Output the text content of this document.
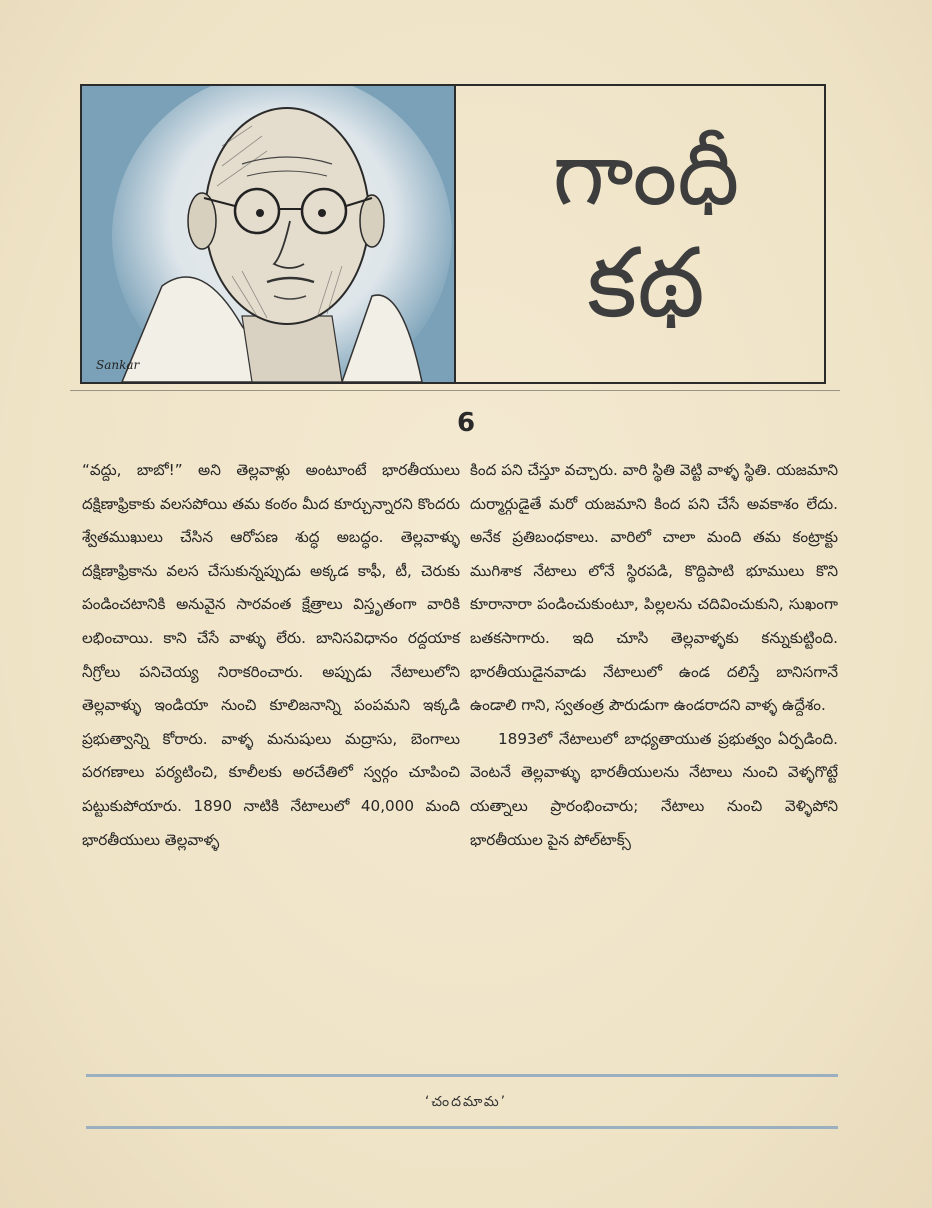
Sankar
గాంధీ
కథ
6

“వద్దు, బాబో!” అని తెల్లవాళ్లు అంటూంటే భారతీయులు దక్షిణాఫ్రికాకు వలసపోయి తమ కంఠం మీద కూర్చున్నారని కొందరు శ్వేతముఖులు చేసిన ఆరోపణ శుద్ధ అబద్ధం. తెల్లవాళ్ళు దక్షిణాఫ్రికాను వలస చేసుకున్నప్పుడు అక్కడ కాఫీ, టీ, చెరుకు పండించటానికి అనువైన సారవంత క్షేత్రాలు విస్తృతంగా వారికి లభించాయి. కాని చేసే వాళ్ళు లేరు. బానిసవిధానం రద్దయాక నీగ్రోలు పనిచెయ్య నిరాకరించారు. అప్పుడు నేటాలులోని తెల్లవాళ్ళు ఇండియా నుంచి కూలిజనాన్ని పంపమని ఇక్కడి ప్రభుత్వాన్ని కోరారు. వాళ్ళ మనుషులు మద్రాసు, బెంగాలు పరగణాలు పర్యటించి, కూలీలకు అరచేతిలో స్వర్గం చూపించి పట్టుకుపోయారు. 1890 నాటికి నేటాలులో 40,000 మంది భారతీయులు తెల్లవాళ్ళ

కింద పని చేస్తూ వచ్చారు. వారి స్థితి వెట్టి వాళ్ళ స్థితి. యజమాని దుర్మార్గుడైతే మరో యజమాని కింద పని చేసే అవకాశం లేదు. అనేక ప్రతిబంధకాలు. వారిలో చాలా మంది తమ కంట్రాక్టు ముగిశాక నేటాలు లోనే స్థిరపడి, కొద్దిపాటి భూములు కొని కూరానారా పండించుకుంటూ, పిల్లలను చదివించుకుని, సుఖంగా బతకసాగారు. ఇది చూసి తెల్లవాళ్ళకు కన్నుకుట్టింది. భారతీయుడైనవాడు నేటాలులో ఉండ దలిస్తే బానిసగానే ఉండాలి గాని, స్వతంత్ర పౌరుడుగా ఉండరాదని వాళ్ళ ఉద్దేశం.

1893లో నేటాలులో బాధ్యతాయుత ప్రభుత్వం ఏర్పడింది. వెంటనే తెల్లవాళ్ళు భారతీయులను నేటాలు నుంచి వెళ్ళగొట్టే యత్నాలు ప్రారంభించారు; నేటాలు నుంచి వెళ్ళిపోని భారతీయుల పైన పోల్‌టాక్స్

‘చందమామ’
